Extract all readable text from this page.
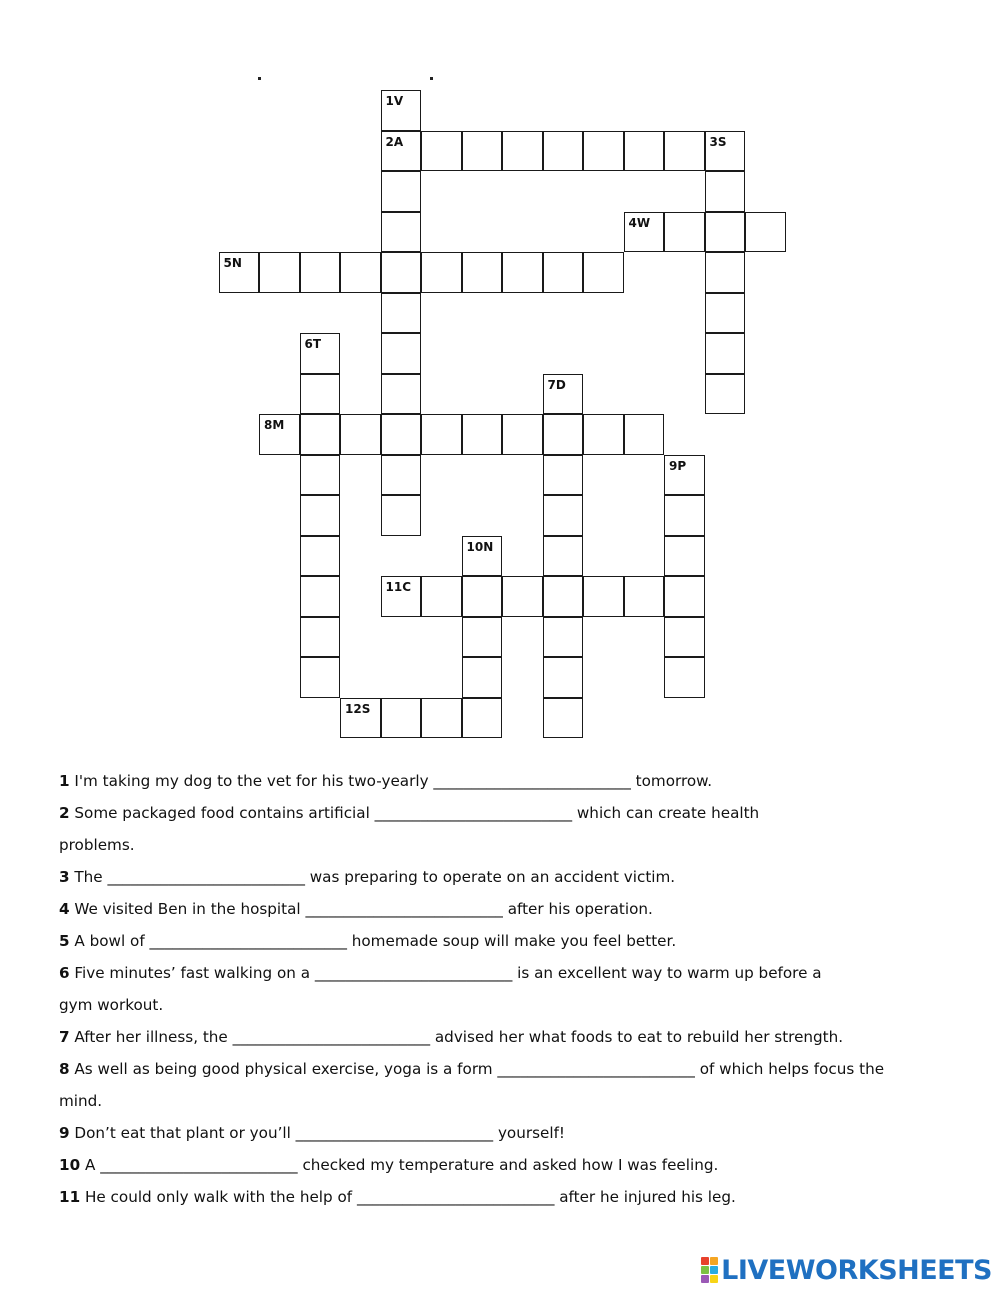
1V
2A	3S
4W
5N
6T
7D
8M
9P
10N
11C
12S

1 I'm taking my dog to the vet for his two-yearly __________________________ tomorrow.

2 Some packaged food contains artificial __________________________ which can create health
problems.

3 The __________________________ was preparing to operate on an accident victim.

4 We visited Ben in the hospital __________________________ after his operation.

5 A bowl of __________________________ homemade soup will make you feel better.

6 Five minutes’ fast walking on a __________________________ is an excellent way to warm up before a
gym workout.

7 After her illness, the __________________________ advised her what foods to eat to rebuild her strength.

8 As well as being good physical exercise, yoga is a form __________________________ of which helps focus the
mind.

9 Don’t eat that plant or you’ll __________________________ yourself!

10 A __________________________ checked my temperature and asked how I was feeling.

11 He could only walk with the help of __________________________ after he injured his leg.

LIVEWORKSHEETS
